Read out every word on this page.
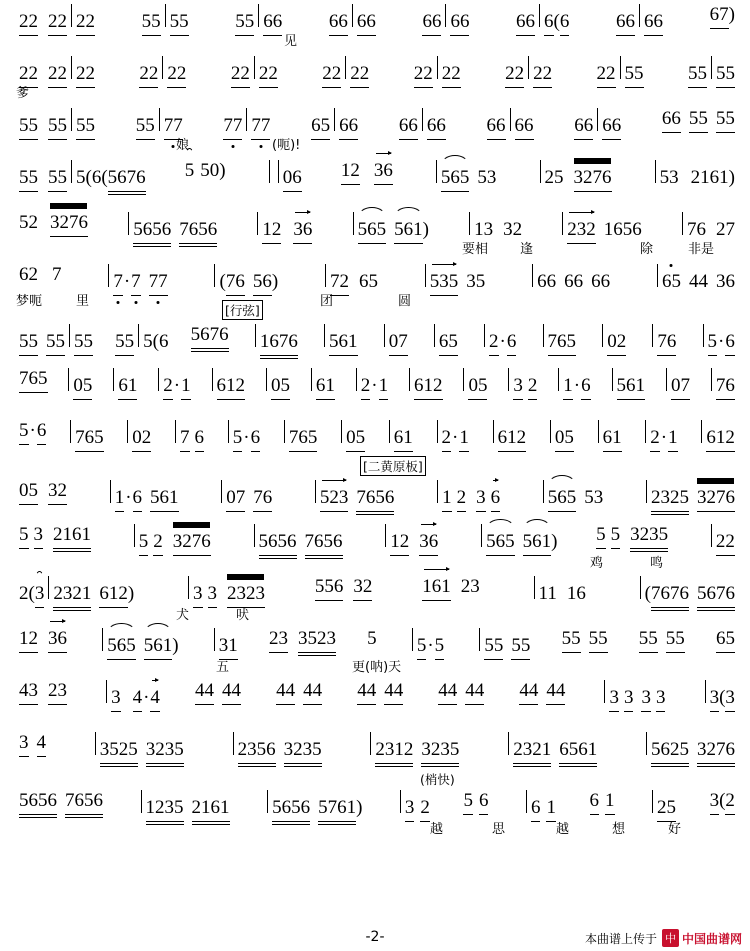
22 22 22 55 55 55 66 66 66 66 66 66 6 ( 6 66 66 67 )
见
22 22 22 22 22 22 22 22 22 22 22 22 22 22 55 55 55
爹
55 55 55 55 77 77 77 65 66 66 66 66 66 66 66 66 55 55
娘	(呃)!
55 55 5(6( 5676 5 50)	06 12 36	565 53	25 3276	53 2161)
52 3276 5656 7656 12 36 565 561 )	13 32 232 1656	76 27
要相 逢	除	非是
62 7	7 · 7 77	( 76 56 )	72 65	535 35	66 66 66	65 44 36
梦呃	里	团	圆
[行弦]
55 55 55 55 5(6 5676 1676 561 07 65 2 · 6 765 02 76 5 · 6
765 05 61 2 · 1 612 05 61 2 · 1 612 05 3 2 1 · 6 561 07 76
5 · 6 765 02 7 6 5 · 6 765 05 61 2 · 1 612 05 61 2 · 1 612
[二黄原板]
05 32	1 · 6 561	07 76	523 7656	1 2 3 6	565 53	2325 3276
5 3 2161	5 2 3276	5656 7656	12 36	565 561 ) 5 5 3235	22
鸡	鸣
2( 3 2321 612 )	3 3 2323	556 32	161 23	11 16	( 7676 5676
犬	吠
12 36 565 561 ) 31 23 3523 5 5 · 5 55 55 55 55 55 55 65
五	更(呐)天
43 23 3 4 · 4 44 44 44 44 44 44 44 44 44 44 3 3 3 3 3 ( 3
3 4	3525 3235	2356 3235	2312 3235	2321 6561	5625 3276
(梢快)
5656 7656 1235 2161 5656 5761 ) 3 2 5 6 6 1 6 1 25 3 ( 2
越	思	越	想	好
-2-	本曲谱上传于 中 中国曲谱网
